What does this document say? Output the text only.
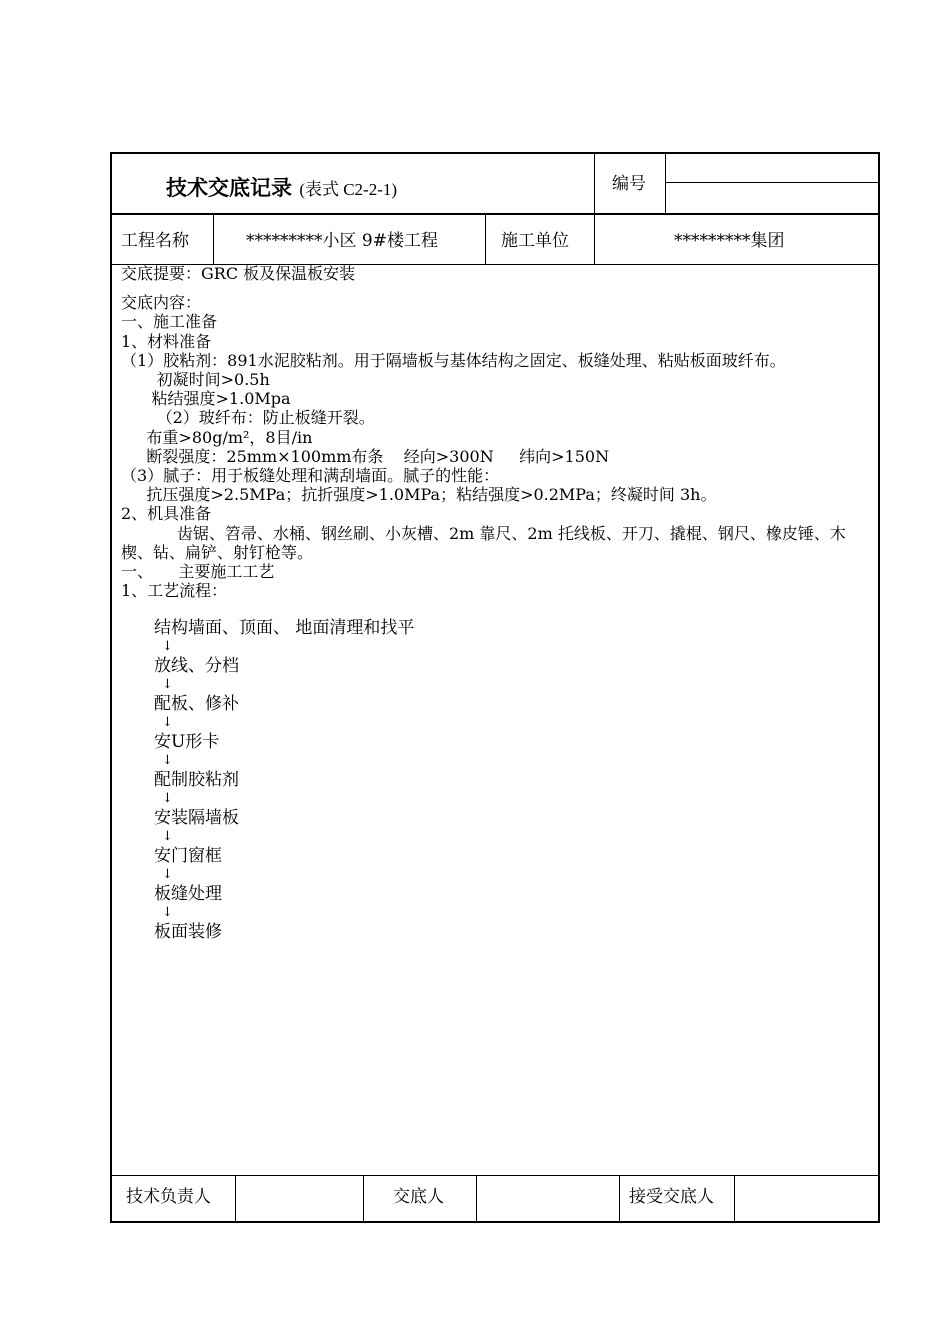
技术交底记录 (表式 C2-2-1)	编号
工程名称	*********小区 9#楼工程	施工单位	*********集团
交底提要：GRC 板及保温板安装
交底内容：
一、施工准备
1、材料准备
（1）胶粘剂：891水泥胶粘剂。用于隔墙板与基体结构之固定、板缝处理、粘贴板面玻纤布。
初凝时间>0.5h
粘结强度>1.0Mpa
（2）玻纤布：防止板缝开裂。
布重>80g/m²，8目/in
断裂强度：25mm×100mm布条    经向>300N     纬向>150N
（3）腻子：用于板缝处理和满刮墙面。腻子的性能：
抗压强度>2.5MPa；抗折强度>1.0MPa；粘结强度>0.2MPa；终凝时间 3h。
2、机具准备
齿锯、笤帚、水桶、钢丝刷、小灰槽、2m 靠尺、2m 托线板、开刀、撬棍、钢尺、橡皮锤、木楔、钻、扁铲、射钉枪等。
一、     主要施工工艺
1、工艺流程：
结构墙面、顶面、 地面清理和找平
↓
放线、分档
↓
配板、修补
↓
安U形卡
↓
配制胶粘剂
↓
安装隔墙板
↓
安门窗框
↓
板缝处理
↓
板面装修
技术负责人	交底人	接受交底人
